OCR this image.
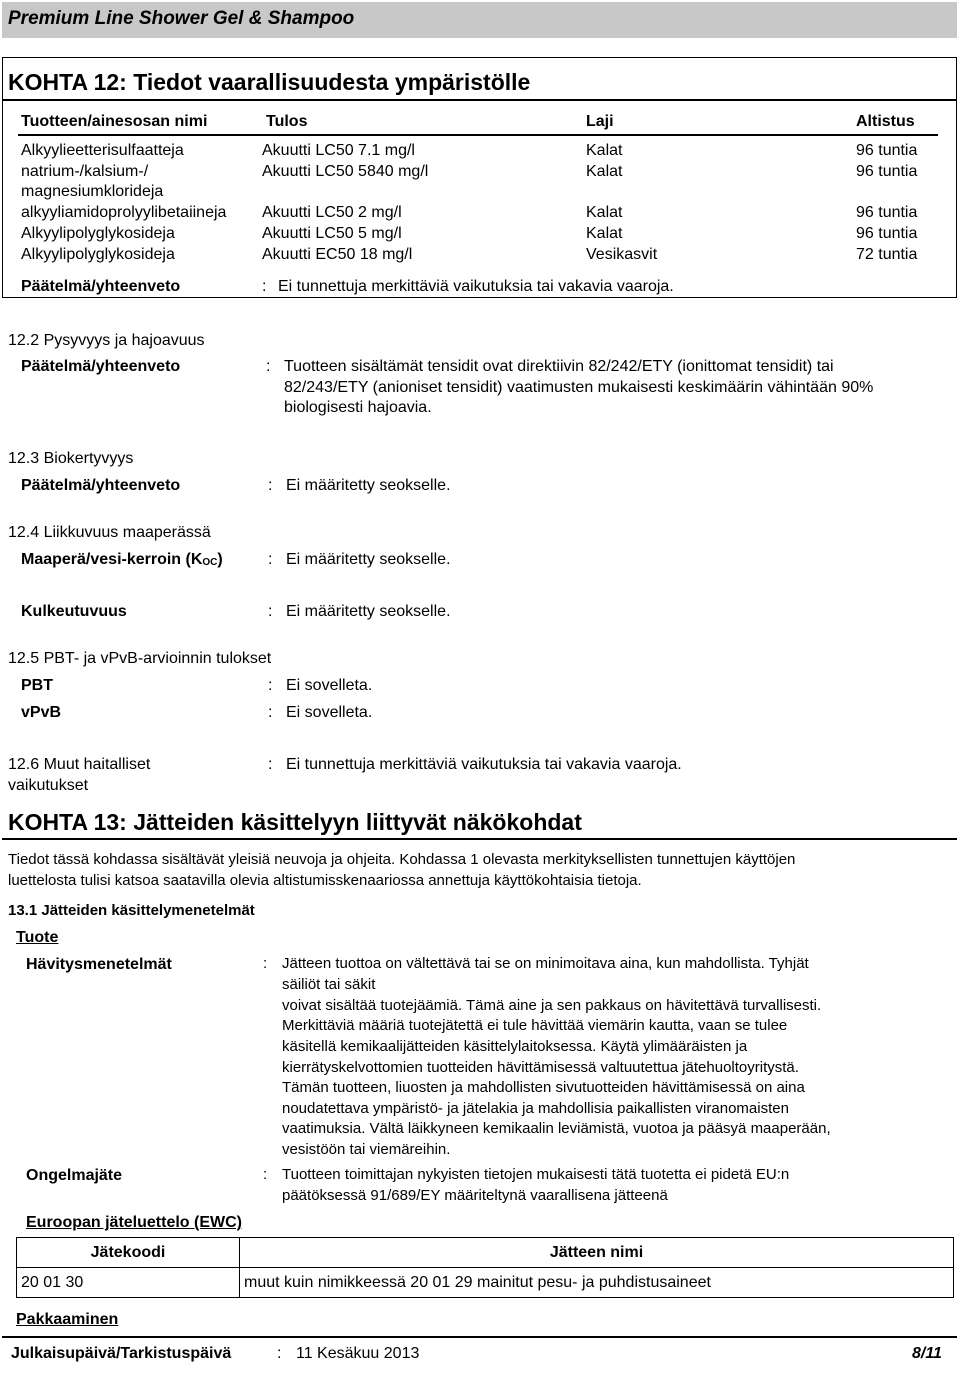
Premium Line Shower Gel & Shampoo
KOHTA 12: Tiedot vaarallisuudesta ympäristölle
Tuotteen/ainesosan nimi	Tulos	Laji	Altistus
Alkyylieetterisulfaatteja	Akuutti LC50 7.1 mg/l	Kalat	96 tuntia
natrium-/kalsium-/
magnesiumklorideja
Akuutti LC50 5840 mg/l	Kalat	96 tuntia
alkyyliamidoprolyylibetaiineja Akuutti LC50 2 mg/l	Kalat	96 tuntia
Alkyylipolyglykosideja	Akuutti LC50 5 mg/l	Kalat	96 tuntia
Alkyylipolyglykosideja	Akuutti EC50 18 mg/l	Vesikasvit	72 tuntia
Päätelmä/yhteenveto	: Ei tunnettuja merkittäviä vaikutuksia tai vakavia vaaroja.
12.2 Pysyvyys ja hajoavuus
Päätelmä/yhteenveto	: Tuotteen sisältämät tensidit ovat direktiivin 82/242/ETY (ionittomat tensidit) tai
82/243/ETY (anioniset tensidit) vaatimusten mukaisesti keskimäärin vähintään 90%
biologisesti hajoavia.
12.3 Biokertyvyys
Päätelmä/yhteenveto	: Ei määritetty seokselle.
12.4 Liikkuvuus maaperässä
Maaperä/vesi-kerroin (KOC)	: Ei määritetty seokselle.
Kulkeutuvuus	: Ei määritetty seokselle.
12.5 PBT- ja vPvB-arvioinnin tulokset
PBT	: Ei sovelleta.
vPvB	: Ei sovelleta.
12.6 Muut haitalliset
vaikutukset
: Ei tunnettuja merkittäviä vaikutuksia tai vakavia vaaroja.
KOHTA 13: Jätteiden käsittelyyn liittyvät näkökohdat
Tiedot tässä kohdassa sisältävät yleisiä neuvoja ja ohjeita. Kohdassa 1 olevasta merkityksellisten tunnettujen käyttöjen
luettelosta tulisi katsoa saatavilla olevia altistumisskenaariossa annettuja käyttökohtaisia tietoja.
13.1 Jätteiden käsittelymenetelmät
Tuote
Hävitysmenetelmät	: Jätteen tuottoa on vältettävä tai se on minimoitava aina, kun mahdollista. Tyhjät
säiliöt tai säkit
voivat sisältää tuotejäämiä. Tämä aine ja sen pakkaus on hävitettävä turvallisesti.
Merkittäviä määriä tuotejätettä ei tule hävittää viemärin kautta, vaan se tulee
käsitellä kemikaalijätteiden käsittelylaitoksessa. Käytä ylimääräisten ja
kierrätyskelvottomien tuotteiden hävittämisessä valtuutettua jätehuoltoyritystä.
Tämän tuotteen, liuosten ja mahdollisten sivutuotteiden hävittämisessä on aina
noudatettava ympäristö- ja jätelakia ja mahdollisia paikallisten viranomaisten
vaatimuksia. Vältä läikkyneen kemikaalin leviämistä, vuotoa ja pääsyä maaperään,
vesistöön tai viemäreihin.
Ongelmajäte	: Tuotteen toimittajan nykyisten tietojen mukaisesti tätä tuotetta ei pidetä EU:n
päätöksessä 91/689/EY määriteltynä vaarallisena jätteenä
Euroopan jäteluettelo (EWC)
Jätekoodi	Jätteen nimi
20 01 30	muut kuin nimikkeessä 20 01 29 mainitut pesu- ja puhdistusaineet
Pakkaaminen
Julkaisupäivä/Tarkistuspäivä	: 11 Kesäkuu 2013	8/11
